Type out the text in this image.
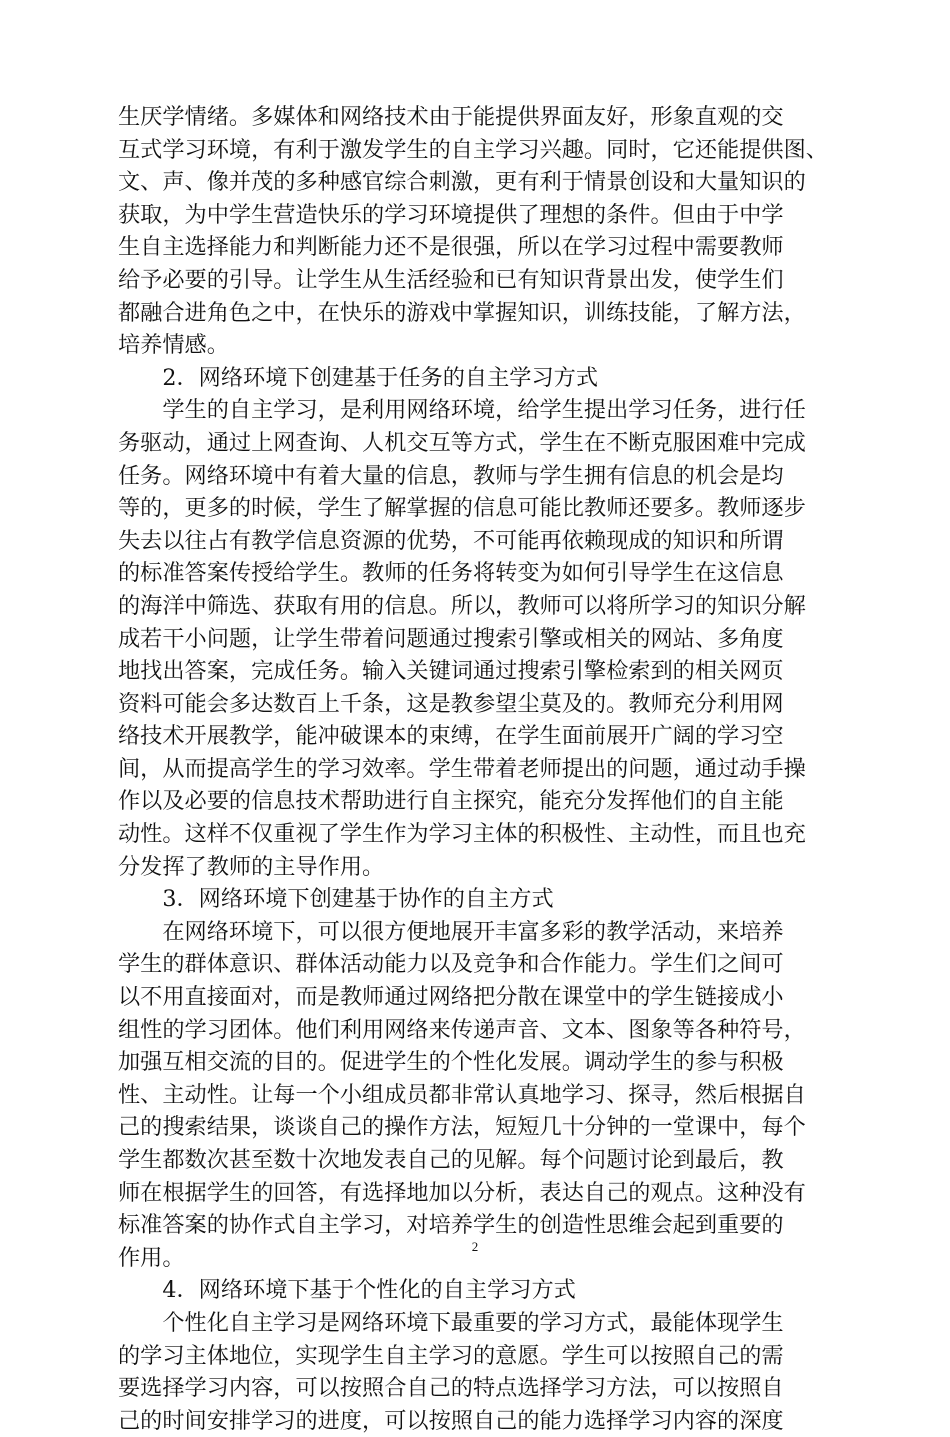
生厌学情绪。多媒体和网络技术由于能提供界面友好，形象直观的交
互式学习环境，有利于激发学生的自主学习兴趣。同时，它还能提供图、
文、声、像并茂的多种感官综合刺激，更有利于情景创设和大量知识的
获取，为中学生营造快乐的学习环境提供了理想的条件。但由于中学
生自主选择能力和判断能力还不是很强，所以在学习过程中需要教师
给予必要的引导。让学生从生活经验和已有知识背景出发，使学生们
都融合进角色之中，在快乐的游戏中掌握知识，训练技能，了解方法，
培养情感。
　　2．网络环境下创建基于任务的自主学习方式
　　学生的自主学习，是利用网络环境，给学生提出学习任务，进行任
务驱动，通过上网查询、人机交互等方式，学生在不断克服困难中完成
任务。网络环境中有着大量的信息，教师与学生拥有信息的机会是均
等的，更多的时候，学生了解掌握的信息可能比教师还要多。教师逐步
失去以往占有教学信息资源的优势，不可能再依赖现成的知识和所谓
的标准答案传授给学生。教师的任务将转变为如何引导学生在这信息
的海洋中筛选、获取有用的信息。所以，教师可以将所学习的知识分解
成若干小问题，让学生带着问题通过搜索引擎或相关的网站、多角度
地找出答案，完成任务。输入关键词通过搜索引擎检索到的相关网页
资料可能会多达数百上千条，这是教参望尘莫及的。教师充分利用网
络技术开展教学，能冲破课本的束缚，在学生面前展开广阔的学习空
间，从而提高学生的学习效率。学生带着老师提出的问题，通过动手操
作以及必要的信息技术帮助进行自主探究，能充分发挥他们的自主能
动性。这样不仅重视了学生作为学习主体的积极性、主动性，而且也充
分发挥了教师的主导作用。
　　3．网络环境下创建基于协作的自主方式
　　在网络环境下，可以很方便地展开丰富多彩的教学活动，来培养
学生的群体意识、群体活动能力以及竞争和合作能力。学生们之间可
以不用直接面对，而是教师通过网络把分散在课堂中的学生链接成小
组性的学习团体。他们利用网络来传递声音、文本、图象等各种符号，
加强互相交流的目的。促进学生的个性化发展。调动学生的参与积极
性、主动性。让每一个小组成员都非常认真地学习、探寻，然后根据自
己的搜索结果，谈谈自己的操作方法，短短几十分钟的一堂课中，每个
学生都数次甚至数十次地发表自己的见解。每个问题讨论到最后，教
师在根据学生的回答，有选择地加以分析，表达自己的观点。这种没有
标准答案的协作式自主学习，对培养学生的创造性思维会起到重要的
作用。
　　4．网络环境下基于个性化的自主学习方式
　　个性化自主学习是网络环境下最重要的学习方式，最能体现学生
的学习主体地位，实现学生自主学习的意愿。学生可以按照自己的需
要选择学习内容，可以按照合自己的特点选择学习方法，可以按照自
己的时间安排学习的进度，可以按照自己的能力选择学习内容的深度
2
